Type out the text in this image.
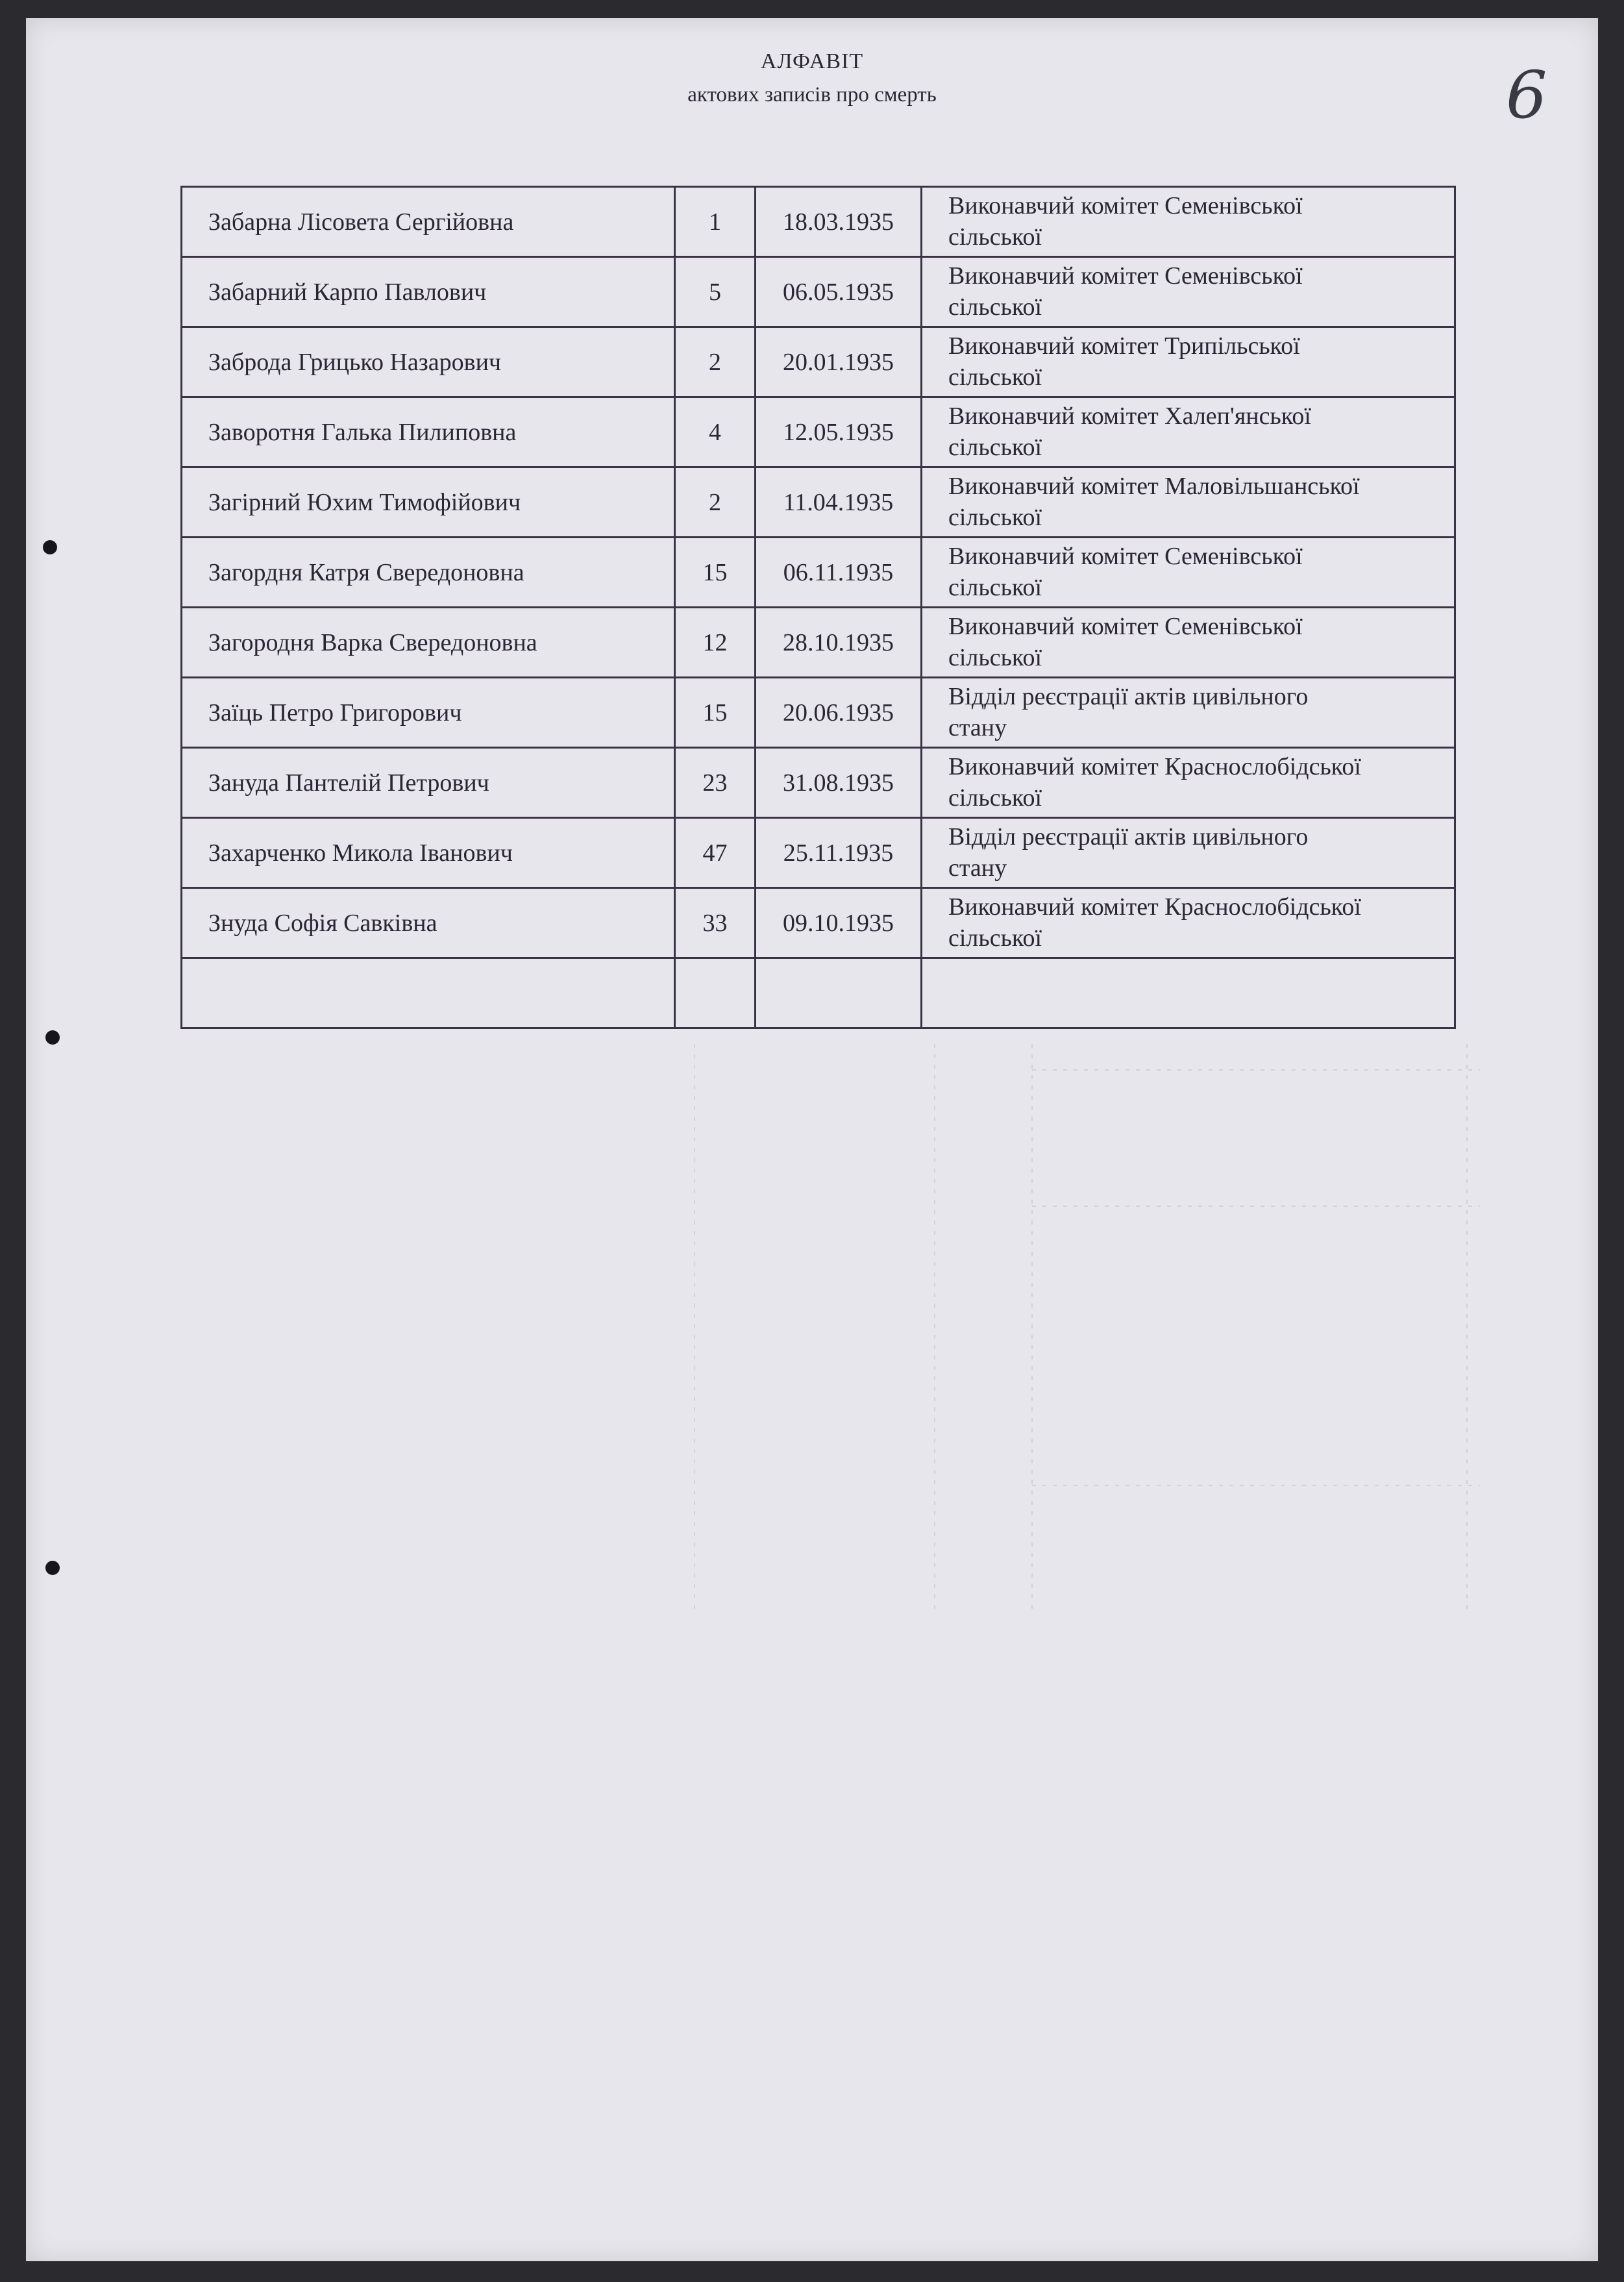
АЛФАВІТ
актових записів про смерть	6
Забарна Лісовета Сергійовна	1	18.03.1935	Виконавчий комітет Семенівської
сільської

Забарний Карпо Павлович	5	06.05.1935	Виконавчий комітет Семенівської
сільської

Заброда Грицько Назарович	2	20.01.1935	Виконавчий комітет Трипільської
сільської

Заворотня Галька Пилиповна	4	12.05.1935	Виконавчий комітет Халеп'янської
сільської

Загірний Юхим Тимофійович	2	11.04.1935	Виконавчий комітет Маловільшанської
сільської

Загордня Катря Свередоновна	15	06.11.1935	Виконавчий комітет Семенівської
сільської

Загородня Варка Свередоновна	12	28.10.1935	Виконавчий комітет Семенівської
сільської

Заїць Петро Григорович	15	20.06.1935	Відділ реєстрації актів цивільного
стану

Зануда Пантелій Петрович	23	31.08.1935	Виконавчий комітет Краснослобідської
сільської

Захарченко Микола Іванович	47	25.11.1935	Відділ реєстрації актів цивільного
стану

Знуда Софія Савківна	33	09.10.1935	Виконавчий комітет Краснослобідської
сільської
